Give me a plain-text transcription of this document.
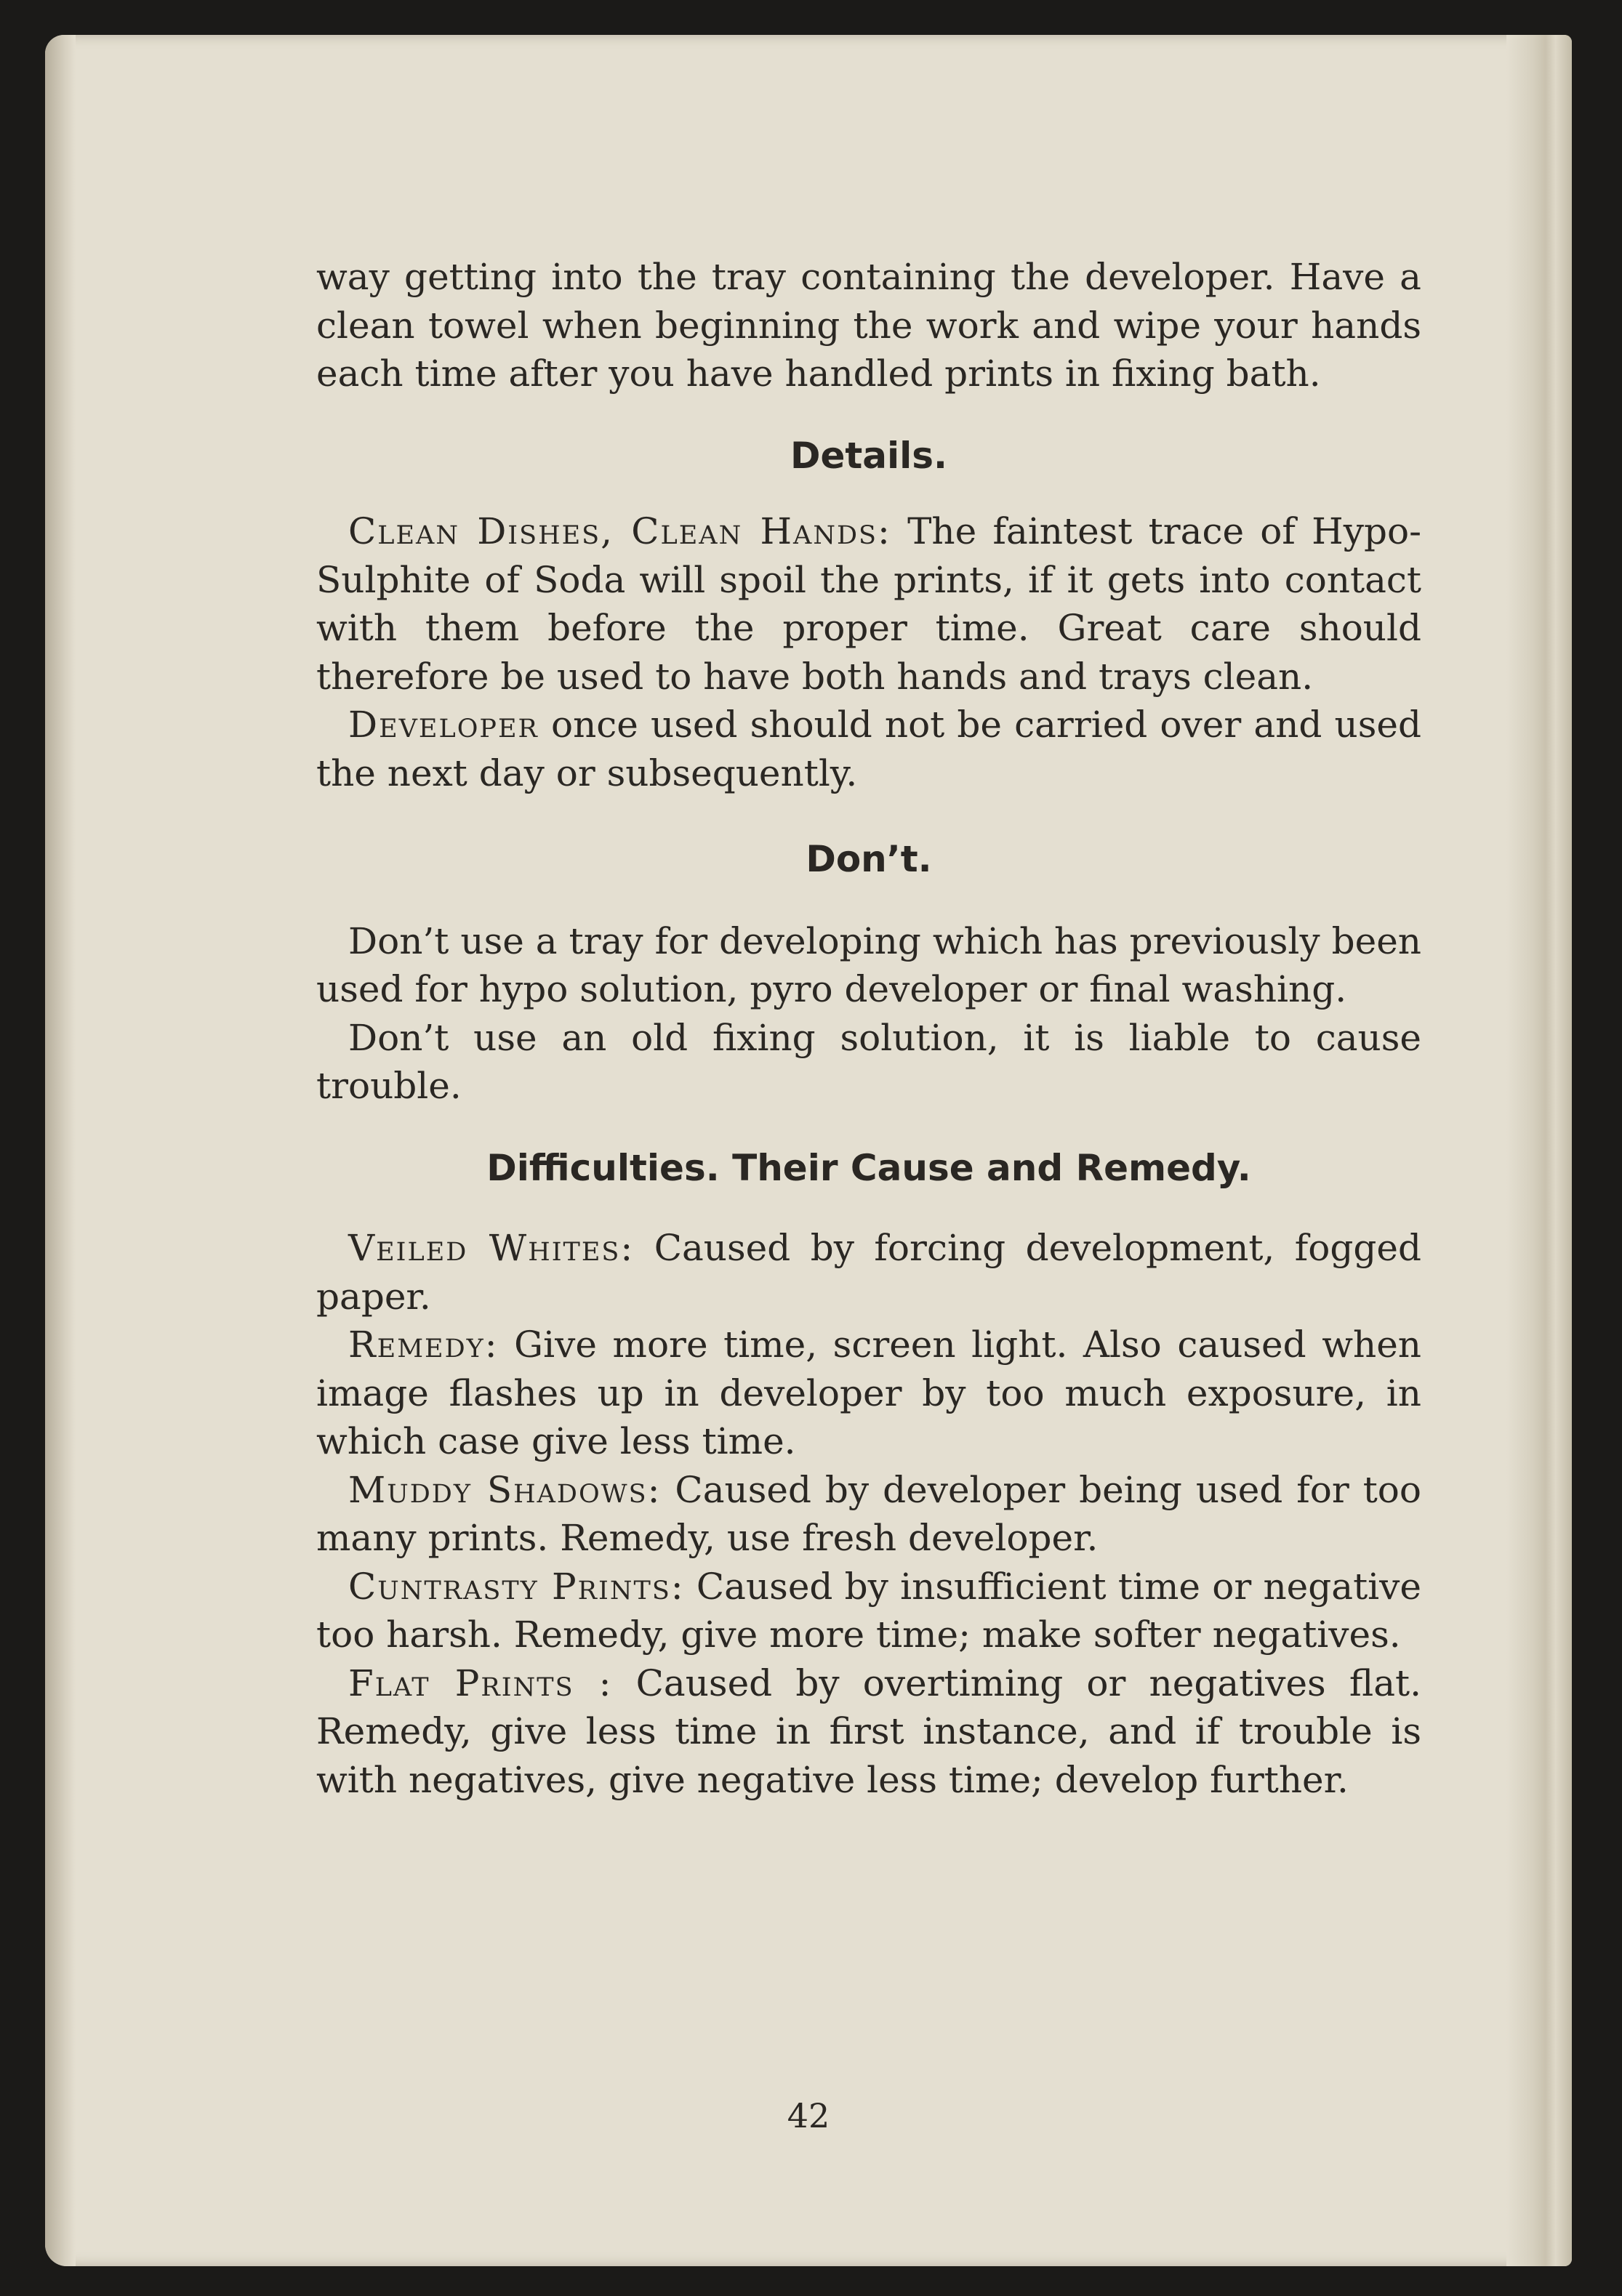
way getting into the tray containing the developer. Have a clean towel when beginning the work and wipe your hands each time after you have handled prints in fixing bath.

Details.

Clean Dishes, Clean Hands: The faintest trace of Hypo-Sulphite of Soda will spoil the prints, if it gets into contact with them before the proper time. Great care should therefore be used to have both hands and trays clean.

Developer once used should not be carried over and used the next day or subsequently.

Don’t.

Don’t use a tray for developing which has previously been used for hypo solution, pyro developer or final washing.

Don’t use an old fixing solution, it is liable to cause trouble.

Difficulties. Their Cause and Remedy.

Veiled Whites: Caused by forcing development, fogged paper.

Remedy: Give more time, screen light. Also caused when image flashes up in developer by too much exposure, in which case give less time.

Muddy Shadows: Caused by developer being used for too many prints. Remedy, use fresh developer.

Cuntrasty Prints: Caused by insufficient time or negative too harsh. Remedy, give more time; make softer negatives.

Flat Prints : Caused by overtiming or negatives flat. Remedy, give less time in first instance, and if trouble is with negatives, give negative less time; develop further.

42
